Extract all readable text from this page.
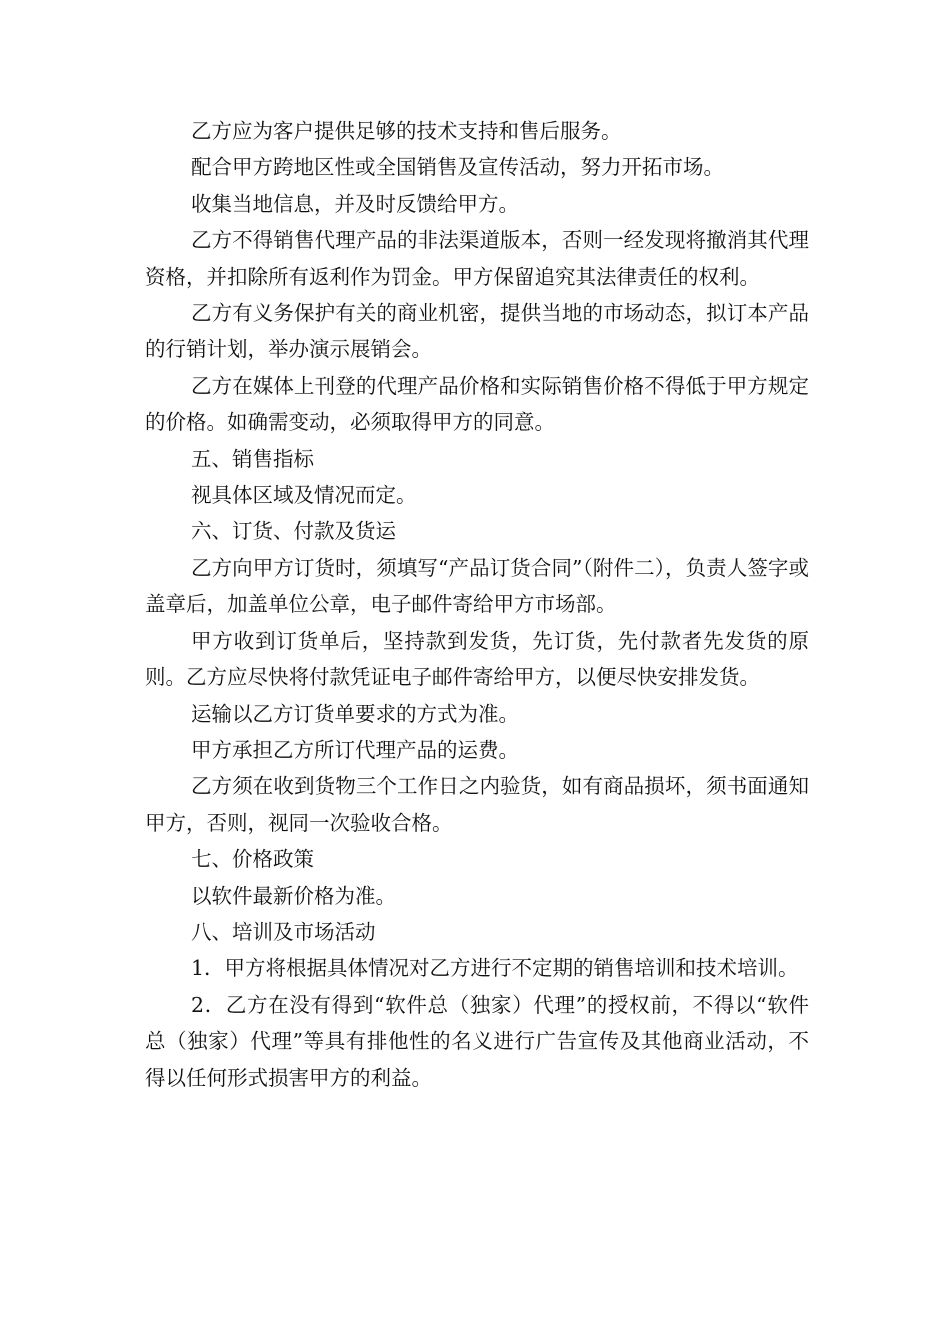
乙方应为客户提供足够的技术支持和售后服务。

配合甲方跨地区性或全国销售及宣传活动，努力开拓市场。

收集当地信息，并及时反馈给甲方。

乙方不得销售代理产品的非法渠道版本，否则一经发现将撤消其代理资格，并扣除所有返利作为罚金。甲方保留追究其法律责任的权利。

乙方有义务保护有关的商业机密，提供当地的市场动态，拟订本产品的行销计划，举办演示展销会。

乙方在媒体上刊登的代理产品价格和实际销售价格不得低于甲方规定的价格。如确需变动，必须取得甲方的同意。

五、销售指标

视具体区域及情况而定。

六、订货、付款及货运

乙方向甲方订货时，须填写“产品订货合同”（附件二），负责人签字或盖章后，加盖单位公章，电子邮件寄给甲方市场部。

甲方收到订货单后，坚持款到发货，先订货，先付款者先发货的原则。乙方应尽快将付款凭证电子邮件寄给甲方，以便尽快安排发货。

运输以乙方订货单要求的方式为准。

甲方承担乙方所订代理产品的运费。

乙方须在收到货物三个工作日之内验货，如有商品损坏，须书面通知甲方，否则，视同一次验收合格。

七、价格政策

以软件最新价格为准。

八、培训及市场活动

1．甲方将根据具体情况对乙方进行不定期的销售培训和技术培训。

2．乙方在没有得到“软件总（独家）代理”的授权前，不得以“软件总（独家）代理”等具有排他性的名义进行广告宣传及其他商业活动，不得以任何形式损害甲方的利益。
